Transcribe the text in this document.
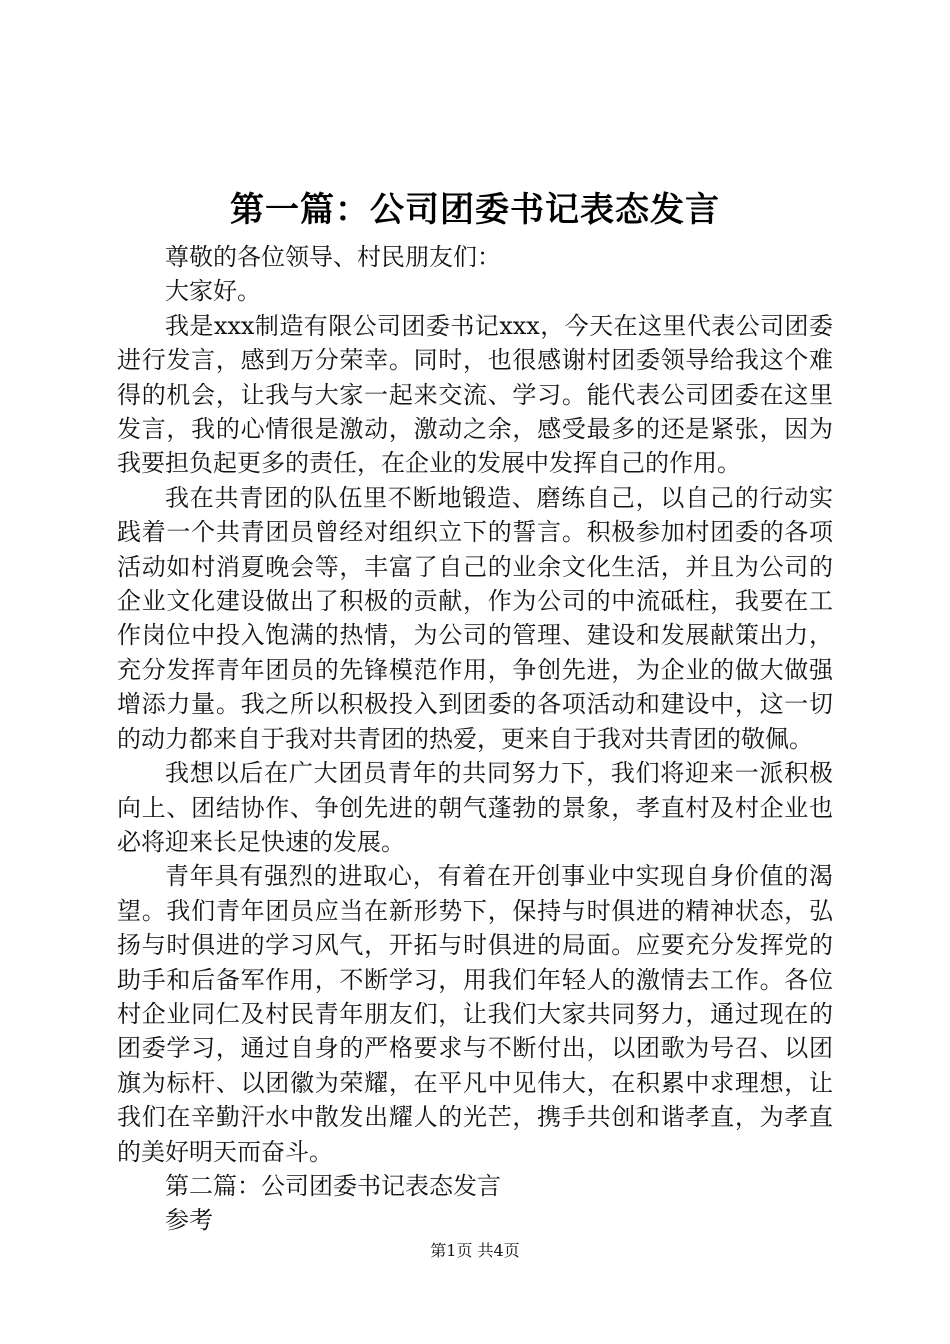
第一篇：公司团委书记表态发言

尊敬的各位领导、村民朋友们：

大家好。

我是xxx制造有限公司团委书记xxx，今天在这里代表公司团委进行发言，感到万分荣幸。同时，也很感谢村团委领导给我这个难得的机会，让我与大家一起来交流、学习。能代表公司团委在这里发言，我的心情很是激动，激动之余，感受最多的还是紧张，因为我要担负起更多的责任，在企业的发展中发挥自己的作用。

我在共青团的队伍里不断地锻造、磨练自己，以自己的行动实践着一个共青团员曾经对组织立下的誓言。积极参加村团委的各项活动如村消夏晚会等，丰富了自己的业余文化生活，并且为公司的企业文化建设做出了积极的贡献，作为公司的中流砥柱，我要在工作岗位中投入饱满的热情，为公司的管理、建设和发展献策出力，充分发挥青年团员的先锋模范作用，争创先进，为企业的做大做强增添力量。我之所以积极投入到团委的各项活动和建设中，这一切的动力都来自于我对共青团的热爱，更来自于我对共青团的敬佩。

我想以后在广大团员青年的共同努力下，我们将迎来一派积极向上、团结协作、争创先进的朝气蓬勃的景象，孝直村及村企业也必将迎来长足快速的发展。

青年具有强烈的进取心，有着在开创事业中实现自身价值的渴望。我们青年团员应当在新形势下，保持与时俱进的精神状态，弘扬与时俱进的学习风气，开拓与时俱进的局面。应要充分发挥党的助手和后备军作用，不断学习，用我们年轻人的激情去工作。各位村企业同仁及村民青年朋友们，让我们大家共同努力，通过现在的团委学习，通过自身的严格要求与不断付出，以团歌为号召、以团旗为标杆、以团徽为荣耀，在平凡中见伟大，在积累中求理想，让我们在辛勤汗水中散发出耀人的光芒，携手共创和谐孝直，为孝直的美好明天而奋斗。

第二篇：公司团委书记表态发言

参考

第1页 共4页
